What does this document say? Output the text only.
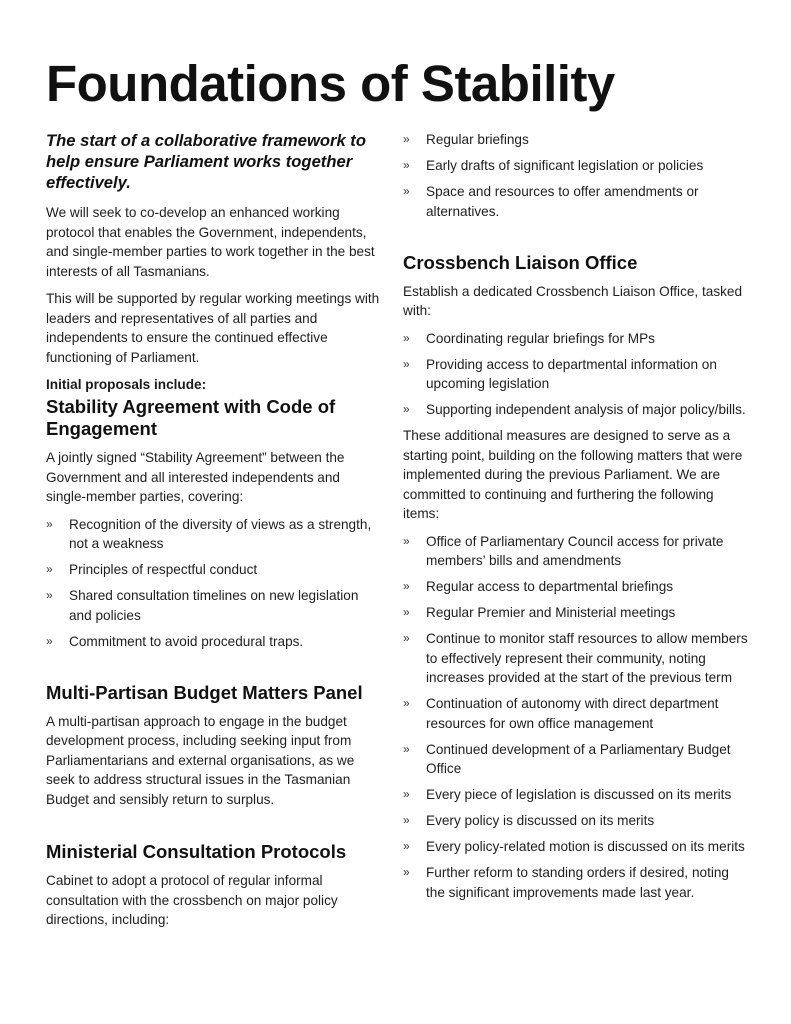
Foundations of Stability

The start of a collaborative framework to help ensure Parliament works together effectively.

We will seek to co-develop an enhanced working protocol that enables the Government, independents, and single-member parties to work together in the best interests of all Tasmanians.

This will be supported by regular working meetings with leaders and representatives of all parties and independents to ensure the continued effective functioning of Parliament.

Initial proposals include:
Stability Agreement with Code of Engagement

A jointly signed “Stability Agreement” between the Government and all interested independents and single-member parties, covering:

» Recognition of the diversity of views as a strength, not a weakness
» Principles of respectful conduct
» Shared consultation timelines on new legislation and policies
» Commitment to avoid procedural traps.
Multi-Partisan Budget Matters Panel

A multi-partisan approach to engage in the budget development process, including seeking input from Parliamentarians and external organisations, as we seek to address structural issues in the Tasmanian Budget and sensibly return to surplus.

Ministerial Consultation Protocols

Cabinet to adopt a protocol of regular informal consultation with the crossbench on major policy directions, including:

» Regular briefings
» Early drafts of significant legislation or policies
» Space and resources to offer amendments or alternatives.
Crossbench Liaison Office

Establish a dedicated Crossbench Liaison Office, tasked with:

» Coordinating regular briefings for MPs
» Providing access to departmental information on upcoming legislation
» Supporting independent analysis of major policy/bills.

These additional measures are designed to serve as a starting point, building on the following matters that were implemented during the previous Parliament. We are committed to continuing and furthering the following items:

» Office of Parliamentary Council access for private members’ bills and amendments
» Regular access to departmental briefings
» Regular Premier and Ministerial meetings
» Continue to monitor staff resources to allow members to effectively represent their community, noting increases provided at the start of the previous term
» Continuation of autonomy with direct department resources for own office management
» Continued development of a Parliamentary Budget Office
» Every piece of legislation is discussed on its merits
» Every policy is discussed on its merits
» Every policy-related motion is discussed on its merits
» Further reform to standing orders if desired, noting the significant improvements made last year.
